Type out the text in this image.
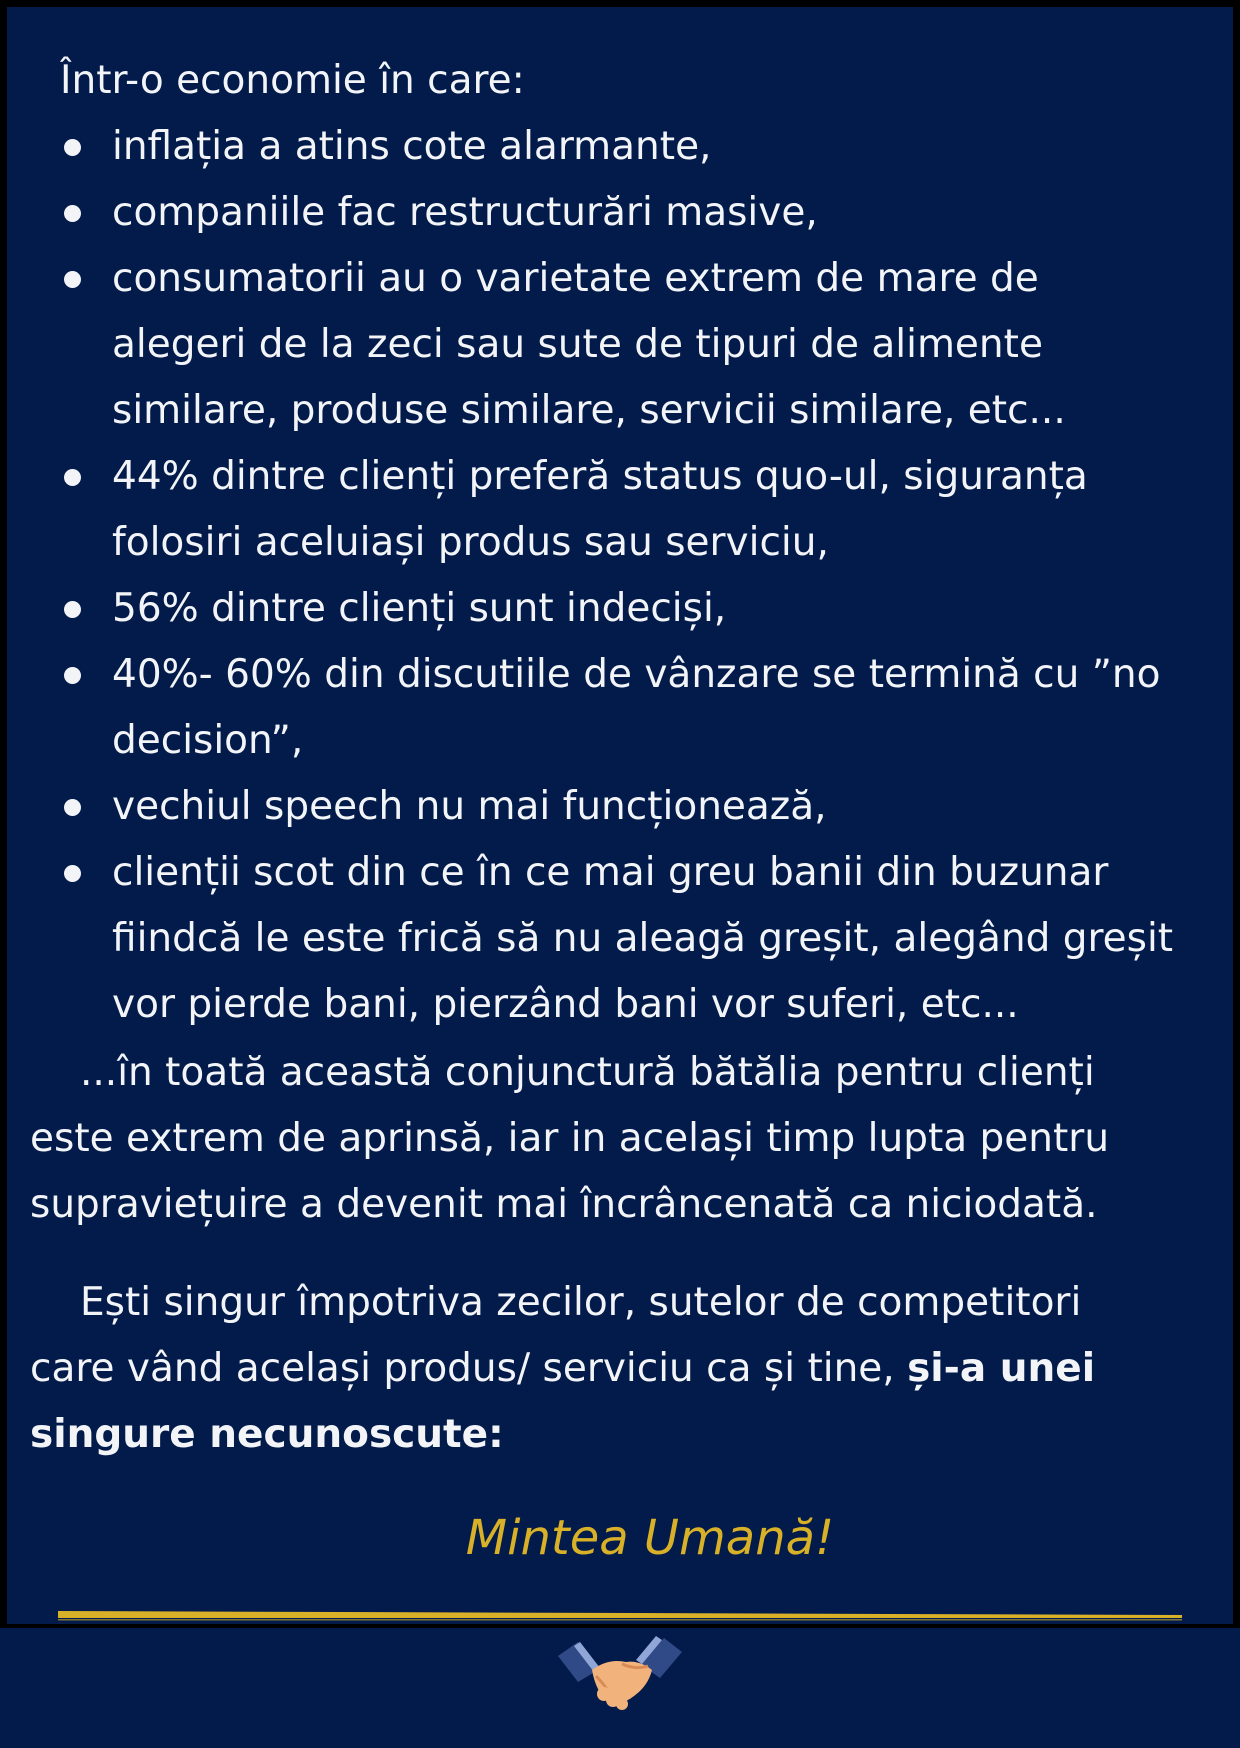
Într-o economie în care:

inflația a atins cote alarmante,
companiile fac restructurări masive,
consumatorii au o varietate extrem de mare de
alegeri de la zeci sau sute de tipuri de alimente
similare, produse similare, servicii similare, etc...
44% dintre clienți preferă status quo-ul, siguranța
folosiri aceluiași produs sau serviciu,
56% dintre clienți sunt indeciși,
40%- 60% din discutiile de vânzare se termină cu ”no
decision”,
vechiul speech nu mai funcționează,
clienții scot din ce în ce mai greu banii din buzunar
fiindcă le este frică să nu aleagă greșit, alegând greșit
vor pierde bani, pierzând bani vor suferi, etc...
...în toată această conjunctură bătălia pentru clienți
este extrem de aprinsă, iar in același timp lupta pentru
supraviețuire a devenit mai încrâncenată ca niciodată.
Ești singur împotriva zecilor, sutelor de competitori
care vând același produs/ serviciu ca și tine, și-a unei
singure necunoscute:

Mintea Umană!
